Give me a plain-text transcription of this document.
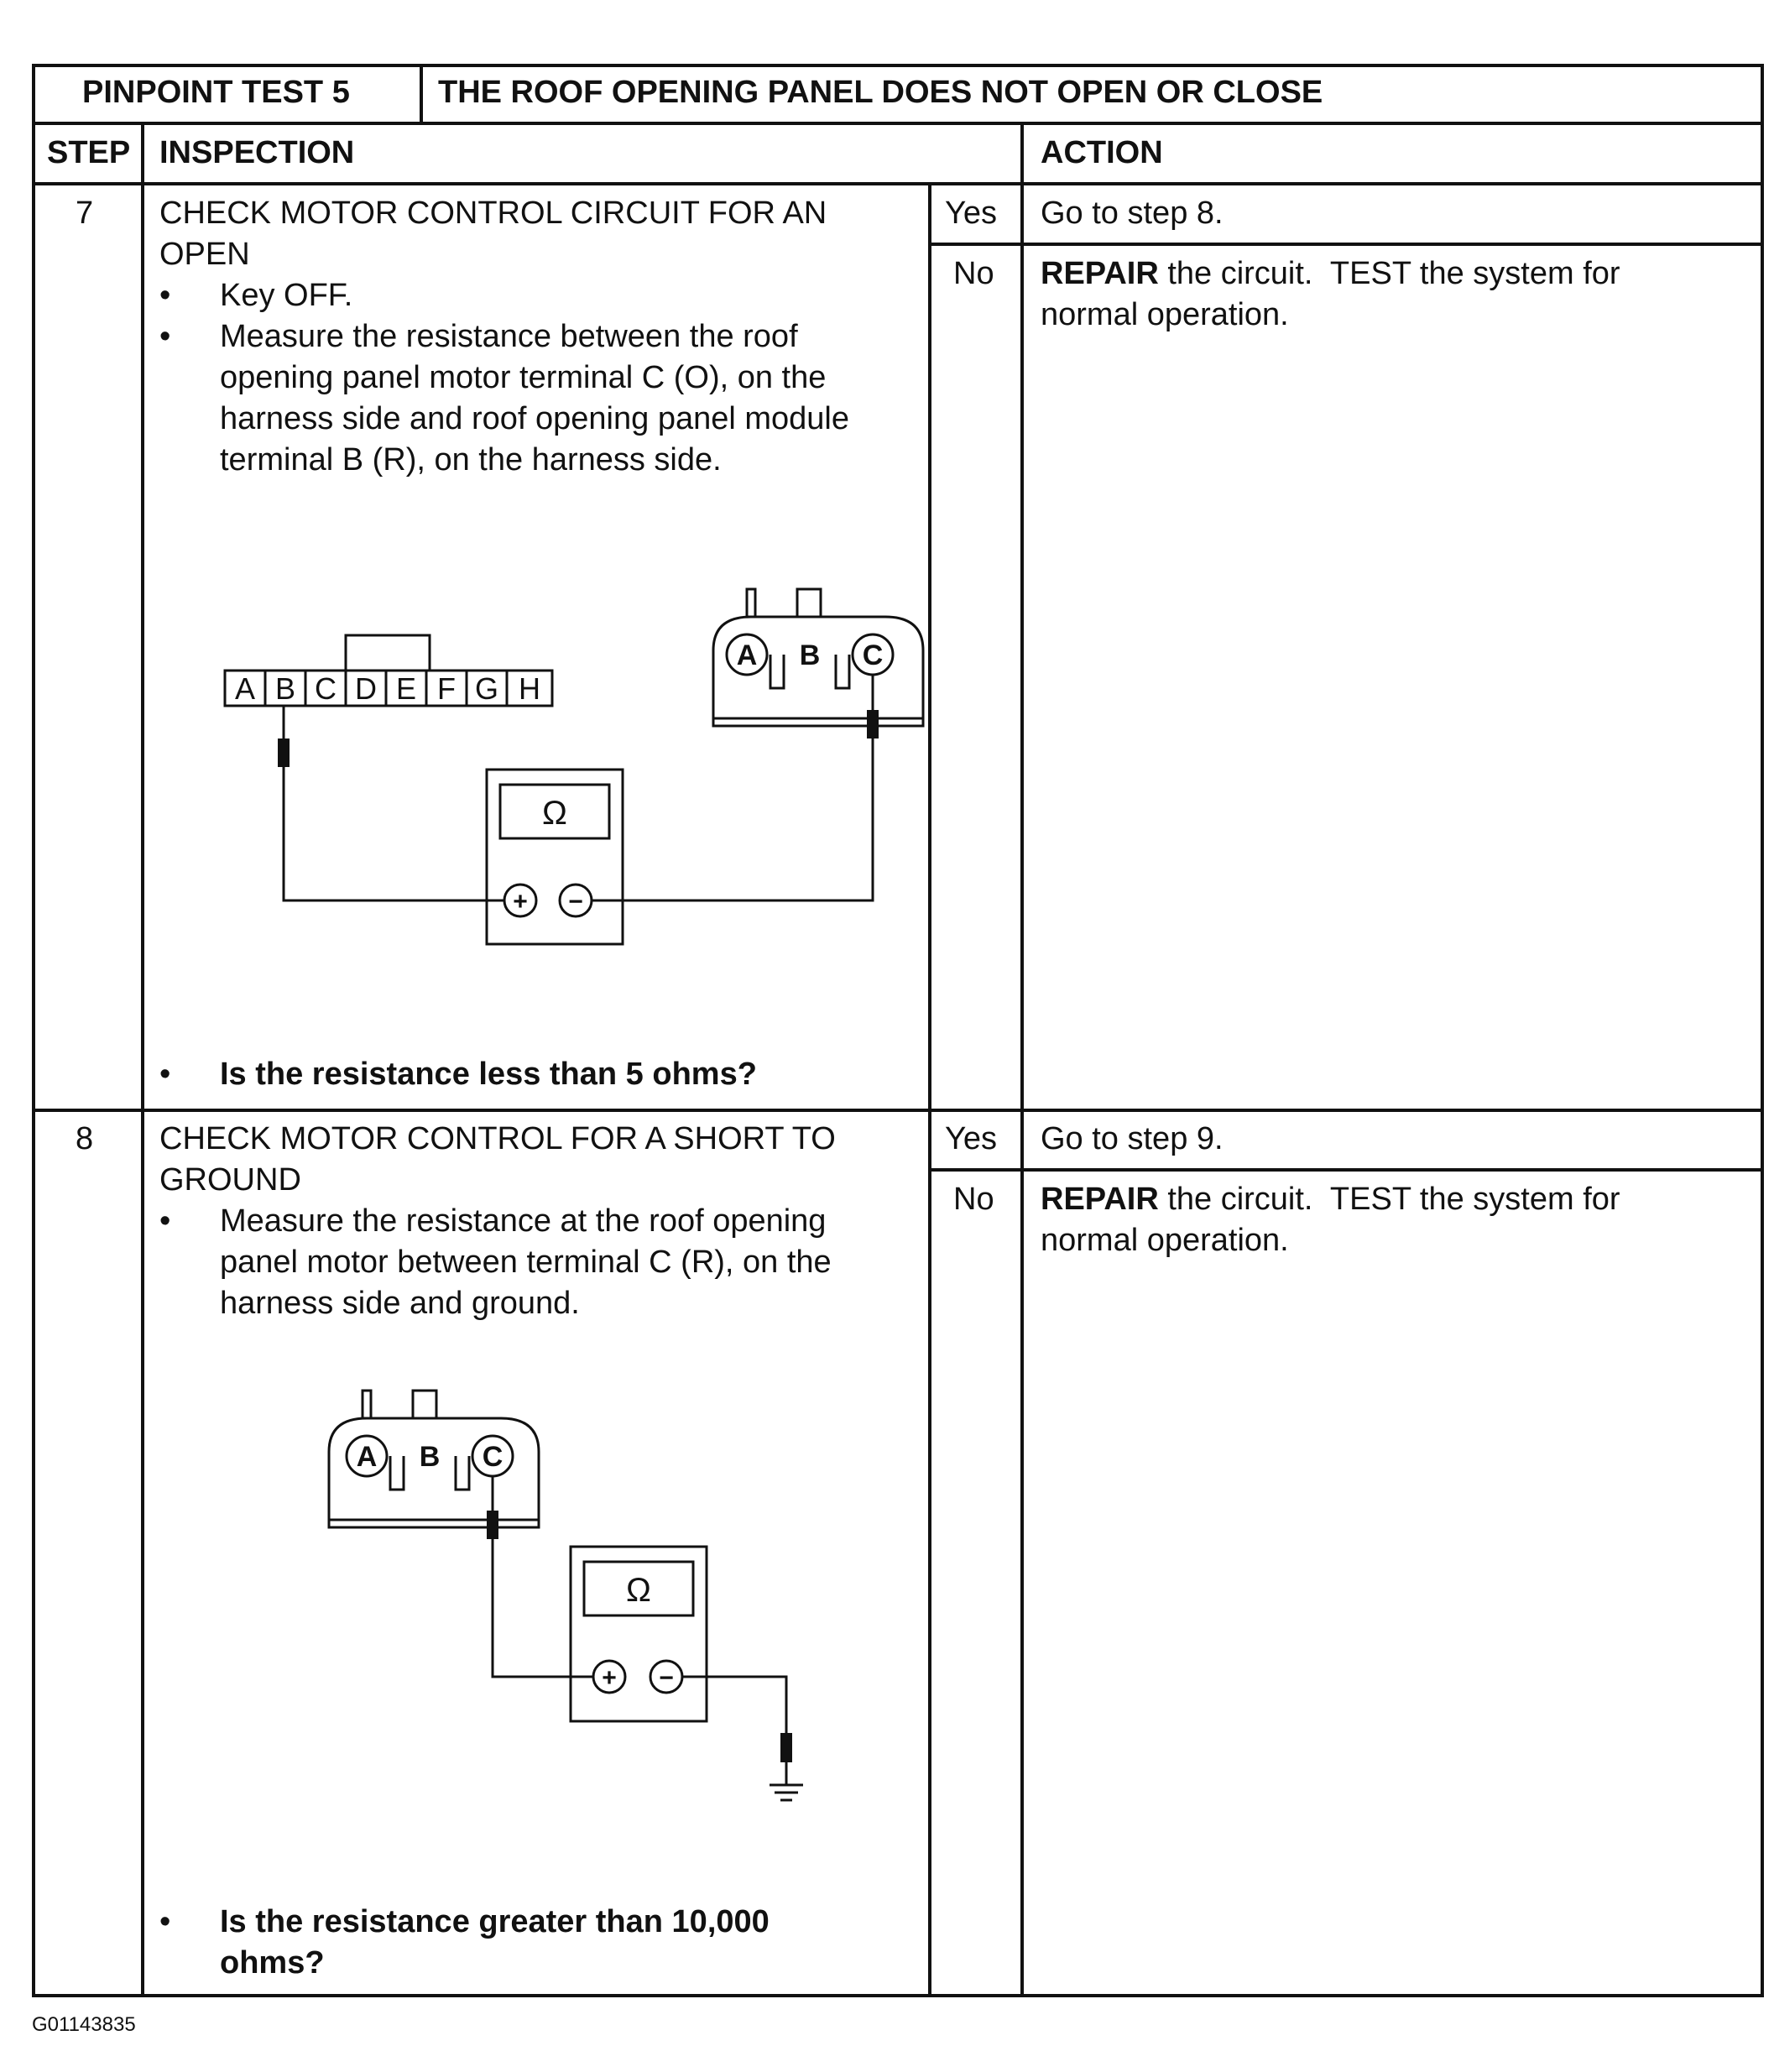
PINPOINT TEST 5	THE ROOF OPENING PANEL DOES NOT OPEN OR CLOSE
STEP INSPECTION	ACTION
7 CHECK MOTOR CONTROL CIRCUIT FOR AN
OPEN
• Key OFF.
• Measure the resistance between the roof
opening panel motor terminal C (O), on the
harness side and roof opening panel module
terminal B (R), on the harness side.
A B C D E F G H
A B C
Ω
+ −
• Is the resistance less than 5 ohms?
Yes Go to step 8.
No REPAIR the circuit.  TEST the system for
normal operation.
8 CHECK MOTOR CONTROL FOR A SHORT TO
GROUND
• Measure the resistance at the roof opening
panel motor between terminal C (R), on the
harness side and ground.
A B C
Ω
+ −
• Is the resistance greater than 10,000
ohms?
Yes Go to step 9.
No REPAIR the circuit.  TEST the system for
normal operation.
G01143835
